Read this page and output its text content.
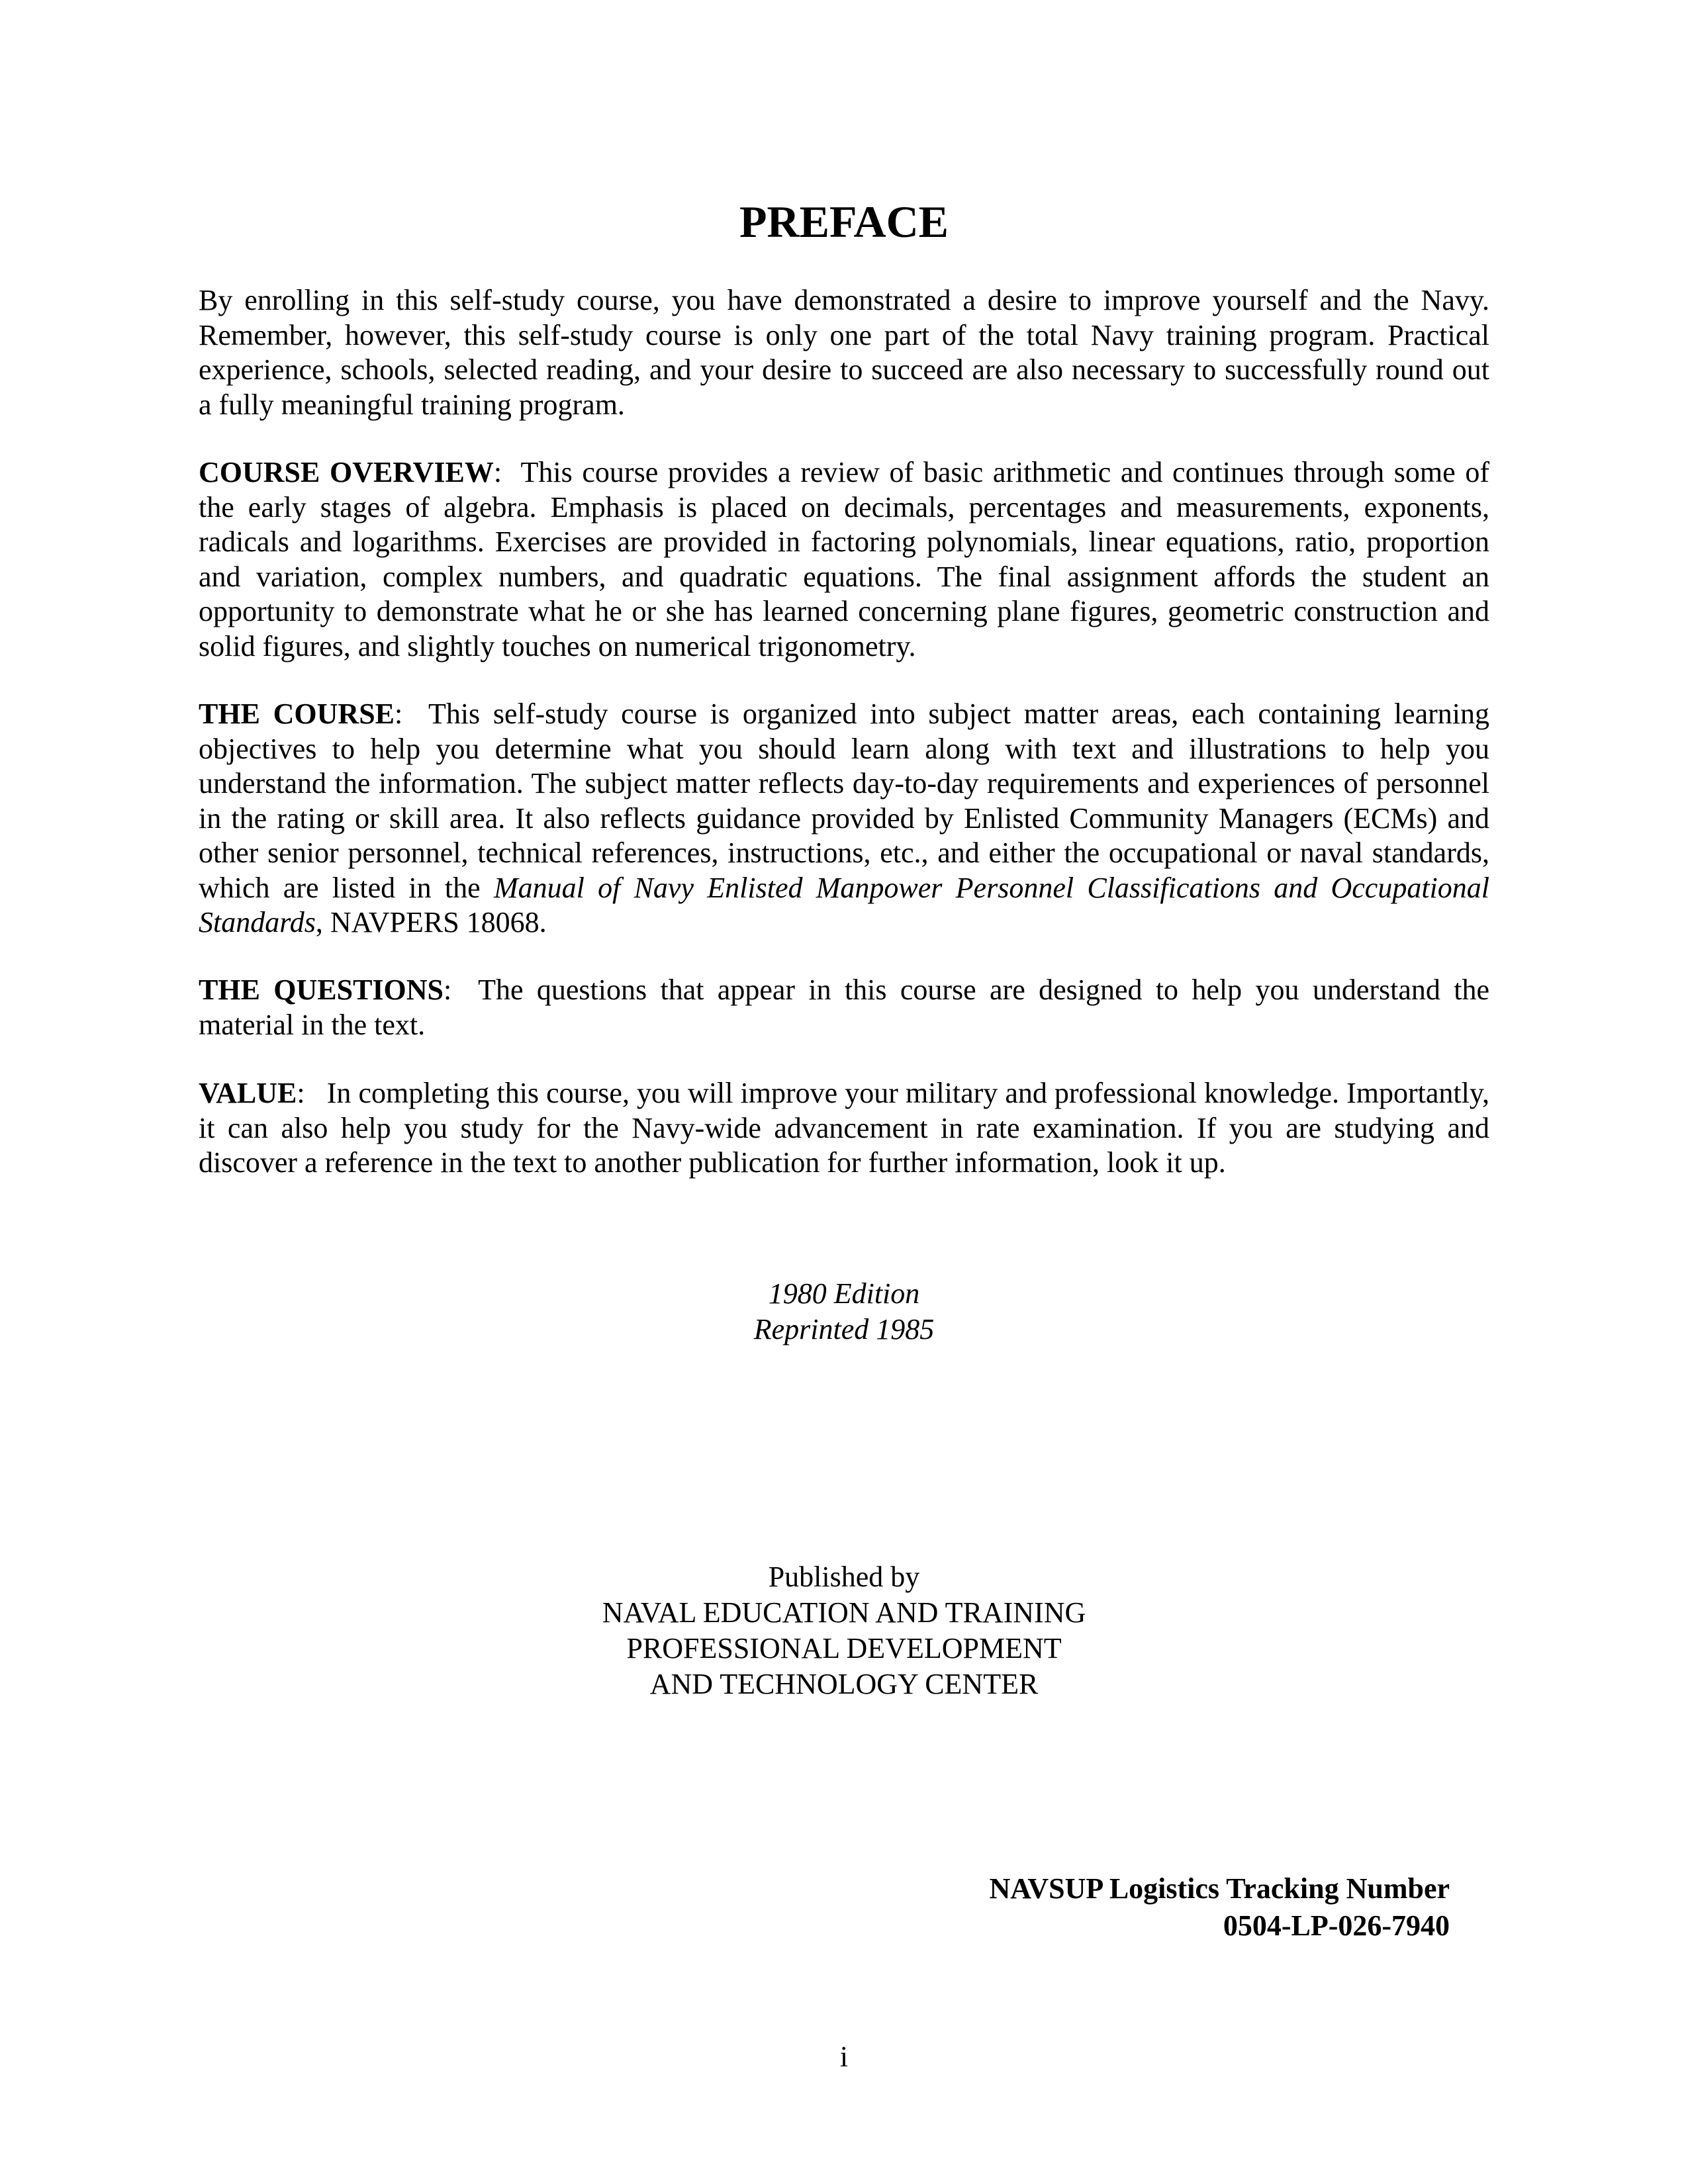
PREFACE

By enrolling in this self-study course, you have demonstrated a desire to improve yourself and the Navy. Remember, however, this self-study course is only one part of the total Navy training program. Practical experience, schools, selected reading, and your desire to succeed are also necessary to successfully round out a fully meaningful training program.

COURSE OVERVIEW: This course provides a review of basic arithmetic and continues through some of the early stages of algebra. Emphasis is placed on decimals, percentages and measurements, exponents, radicals and logarithms. Exercises are provided in factoring polynomials, linear equations, ratio, proportion and variation, complex numbers, and quadratic equations. The final assignment affords the student an opportunity to demonstrate what he or she has learned concerning plane figures, geometric construction and solid figures, and slightly touches on numerical trigonometry.

THE COURSE: This self-study course is organized into subject matter areas, each containing learning objectives to help you determine what you should learn along with text and illustrations to help you understand the information. The subject matter reflects day-to-day requirements and experiences of personnel in the rating or skill area. It also reflects guidance provided by Enlisted Community Managers (ECMs) and other senior personnel, technical references, instructions, etc., and either the occupational or naval standards, which are listed in the Manual of Navy Enlisted Manpower Personnel Classifications and Occupational Standards, NAVPERS 18068.

THE QUESTIONS: The questions that appear in this course are designed to help you understand the material in the text.

VALUE: In completing this course, you will improve your military and professional knowledge. Importantly, it can also help you study for the Navy-wide advancement in rate examination. If you are studying and discover a reference in the text to another publication for further information, look it up.

1980 Edition
Reprinted 1985
Published by
NAVAL EDUCATION AND TRAINING
PROFESSIONAL DEVELOPMENT
AND TECHNOLOGY CENTER
NAVSUP Logistics Tracking Number
0504-LP-026-7940
i
